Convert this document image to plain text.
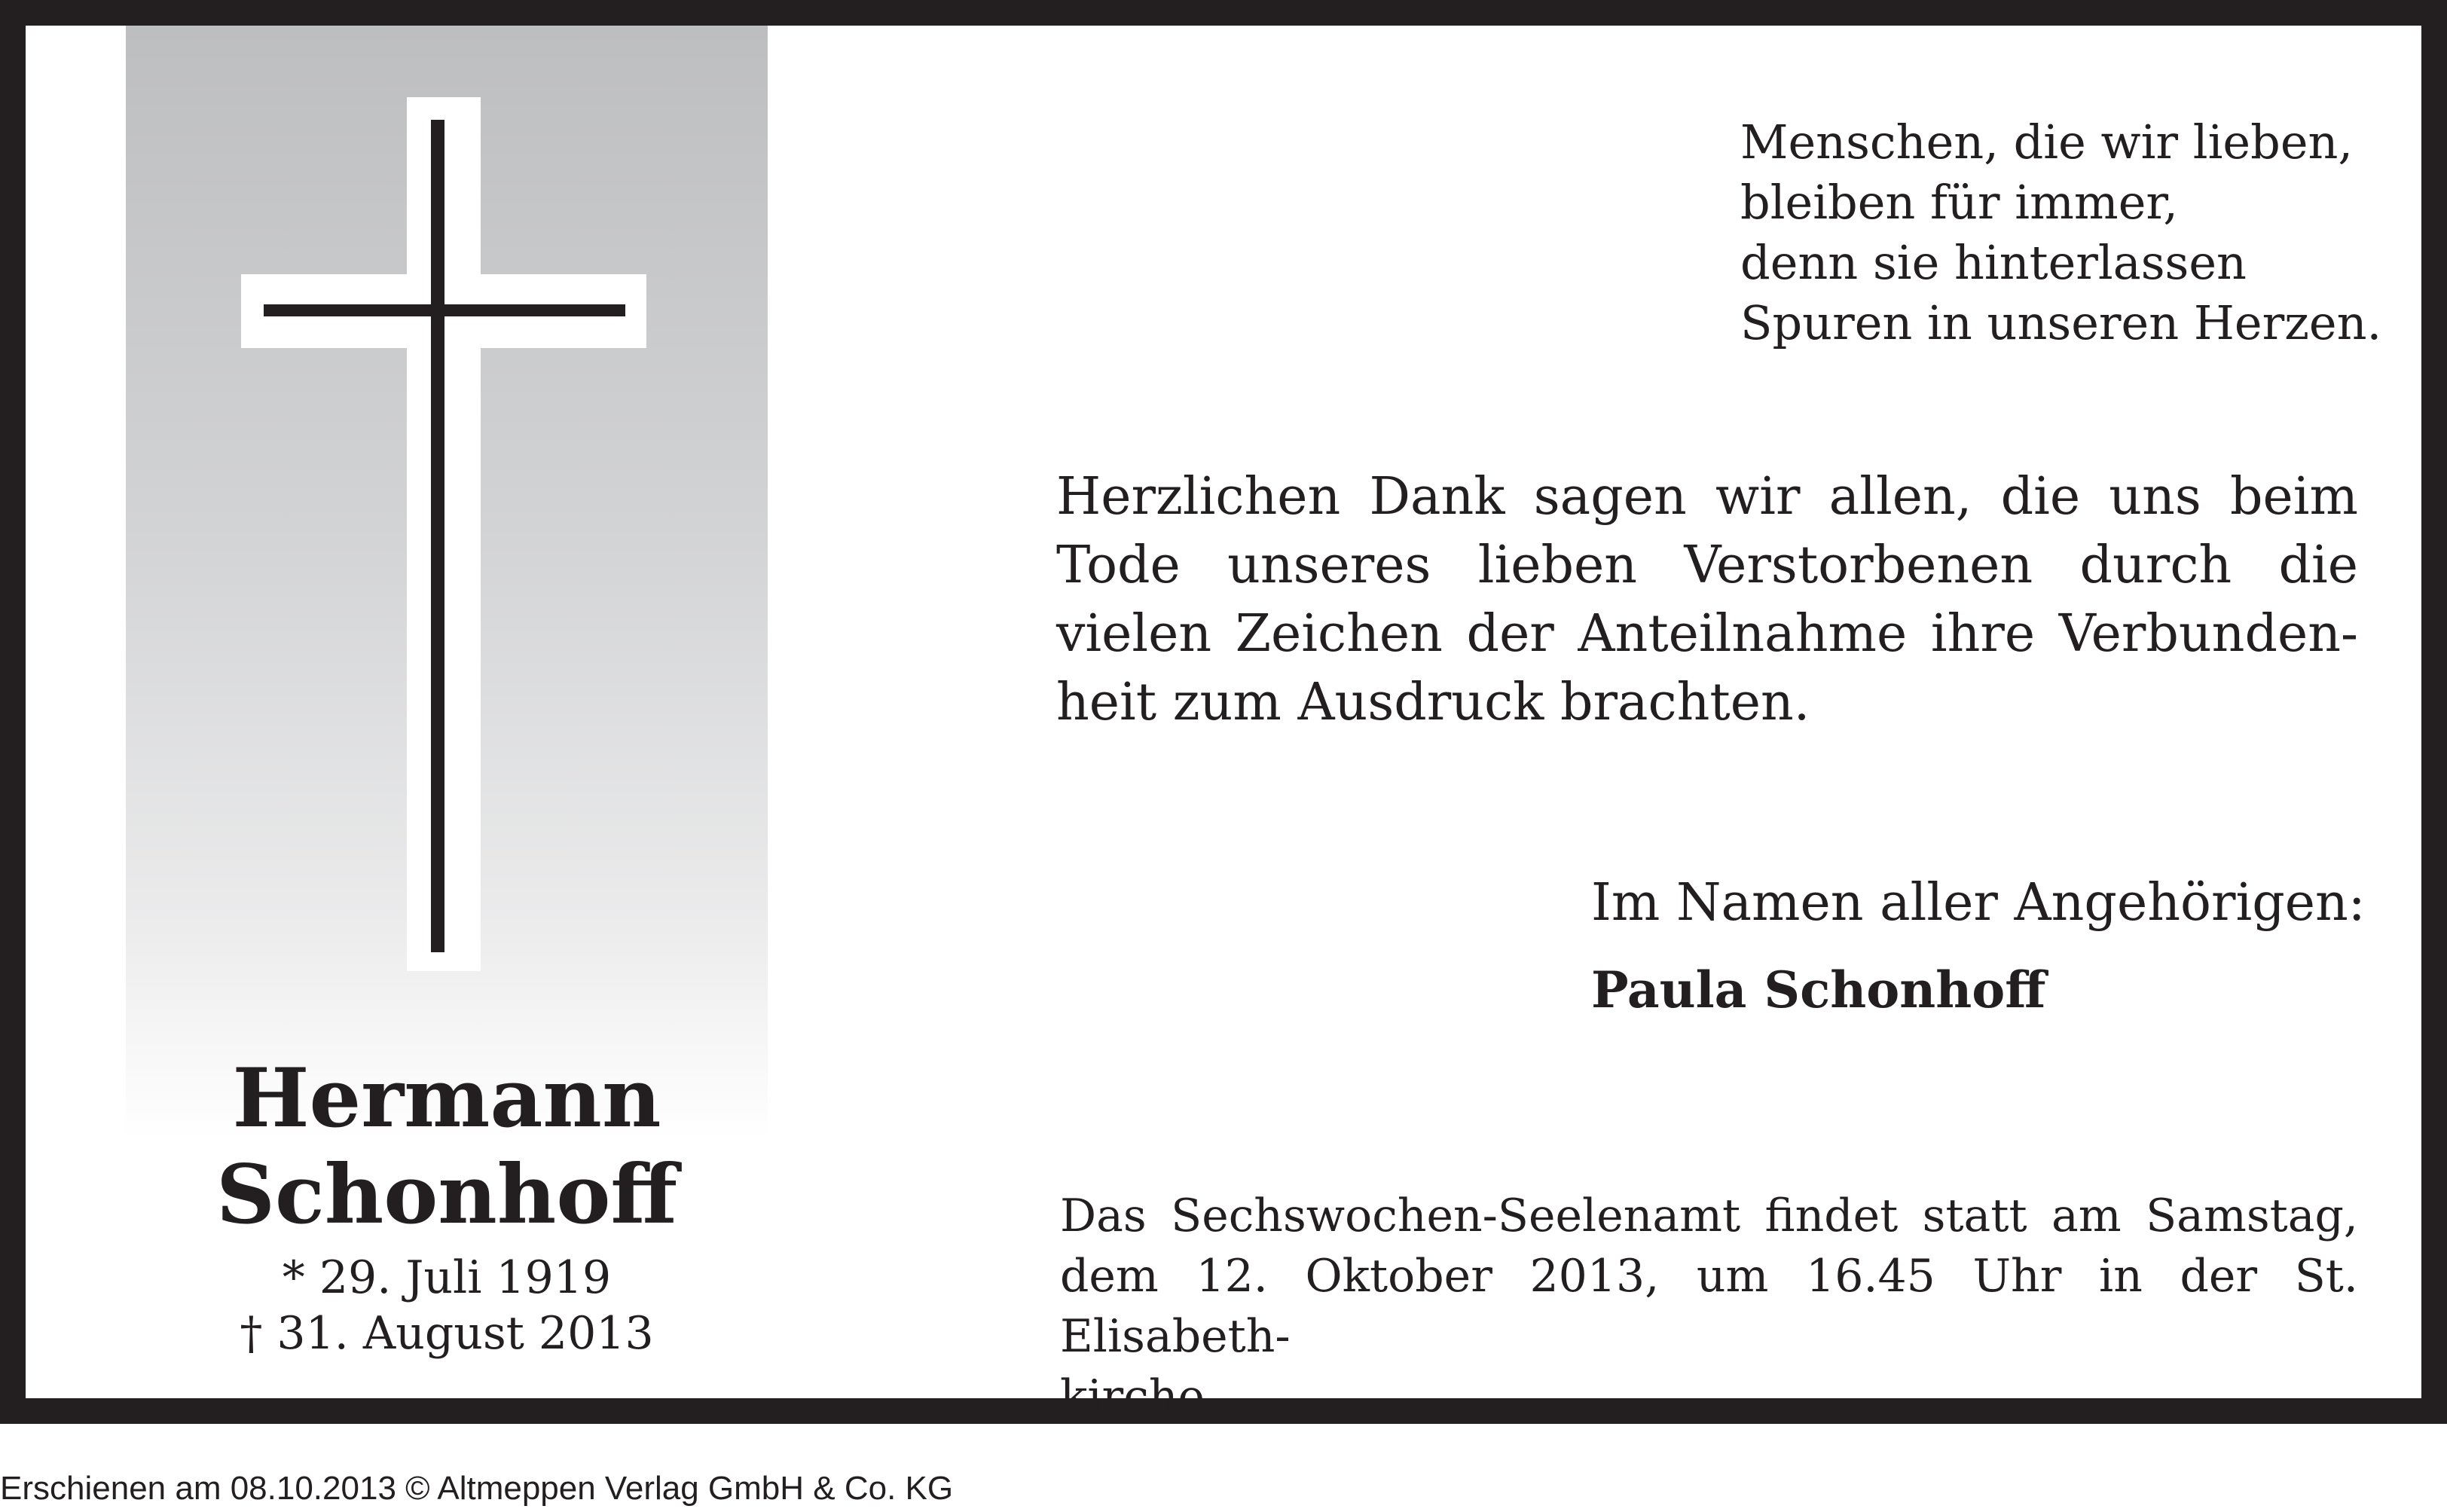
Hermann
Schonhoff
* 29. Juli 1919
† 31. August 2013
Menschen, die wir lieben,
bleiben für immer,
denn sie hinterlassen
Spuren in unseren Herzen.
Herzlichen Dank sagen wir allen, die uns beim
Tode unseres lieben Verstorbenen durch die
vielen Zeichen der Anteilnahme ihre Verbunden-
heit zum Ausdruck brachten.
Im Namen aller Angehörigen:
Paula Schonhoff
Das Sechswochen-Seelenamt findet statt am Samstag,
dem 12. Oktober 2013, um 16.45 Uhr in der St. Elisabeth-
kirche.
Erschienen am 08.10.2013 © Altmeppen Verlag GmbH & Co. KG
